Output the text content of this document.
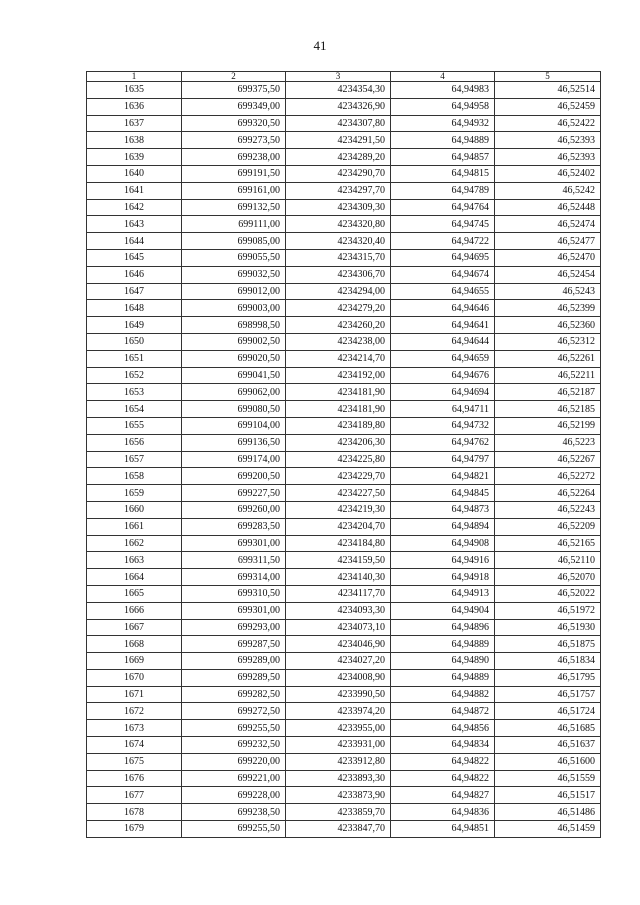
41
1	2	3	4	5
1635	699375,50	4234354,30	64,94983	46,52514
1636	699349,00	4234326,90	64,94958	46,52459
1637	699320,50	4234307,80	64,94932	46,52422
1638	699273,50	4234291,50	64,94889	46,52393
1639	699238,00	4234289,20	64,94857	46,52393
1640	699191,50	4234290,70	64,94815	46,52402
1641	699161,00	4234297,70	64,94789	46,5242
1642	699132,50	4234309,30	64,94764	46,52448
1643	699111,00	4234320,80	64,94745	46,52474
1644	699085,00	4234320,40	64,94722	46,52477
1645	699055,50	4234315,70	64,94695	46,52470
1646	699032,50	4234306,70	64,94674	46,52454
1647	699012,00	4234294,00	64,94655	46,5243
1648	699003,00	4234279,20	64,94646	46,52399
1649	698998,50	4234260,20	64,94641	46,52360
1650	699002,50	4234238,00	64,94644	46,52312
1651	699020,50	4234214,70	64,94659	46,52261
1652	699041,50	4234192,00	64,94676	46,52211
1653	699062,00	4234181,90	64,94694	46,52187
1654	699080,50	4234181,90	64,94711	46,52185
1655	699104,00	4234189,80	64,94732	46,52199
1656	699136,50	4234206,30	64,94762	46,5223
1657	699174,00	4234225,80	64,94797	46,52267
1658	699200,50	4234229,70	64,94821	46,52272
1659	699227,50	4234227,50	64,94845	46,52264
1660	699260,00	4234219,30	64,94873	46,52243
1661	699283,50	4234204,70	64,94894	46,52209
1662	699301,00	4234184,80	64,94908	46,52165
1663	699311,50	4234159,50	64,94916	46,52110
1664	699314,00	4234140,30	64,94918	46,52070
1665	699310,50	4234117,70	64,94913	46,52022
1666	699301,00	4234093,30	64,94904	46,51972
1667	699293,00	4234073,10	64,94896	46,51930
1668	699287,50	4234046,90	64,94889	46,51875
1669	699289,00	4234027,20	64,94890	46,51834
1670	699289,50	4234008,90	64,94889	46,51795
1671	699282,50	4233990,50	64,94882	46,51757
1672	699272,50	4233974,20	64,94872	46,51724
1673	699255,50	4233955,00	64,94856	46,51685
1674	699232,50	4233931,00	64,94834	46,51637
1675	699220,00	4233912,80	64,94822	46,51600
1676	699221,00	4233893,30	64,94822	46,51559
1677	699228,00	4233873,90	64,94827	46,51517
1678	699238,50	4233859,70	64,94836	46,51486
1679	699255,50	4233847,70	64,94851	46,51459
